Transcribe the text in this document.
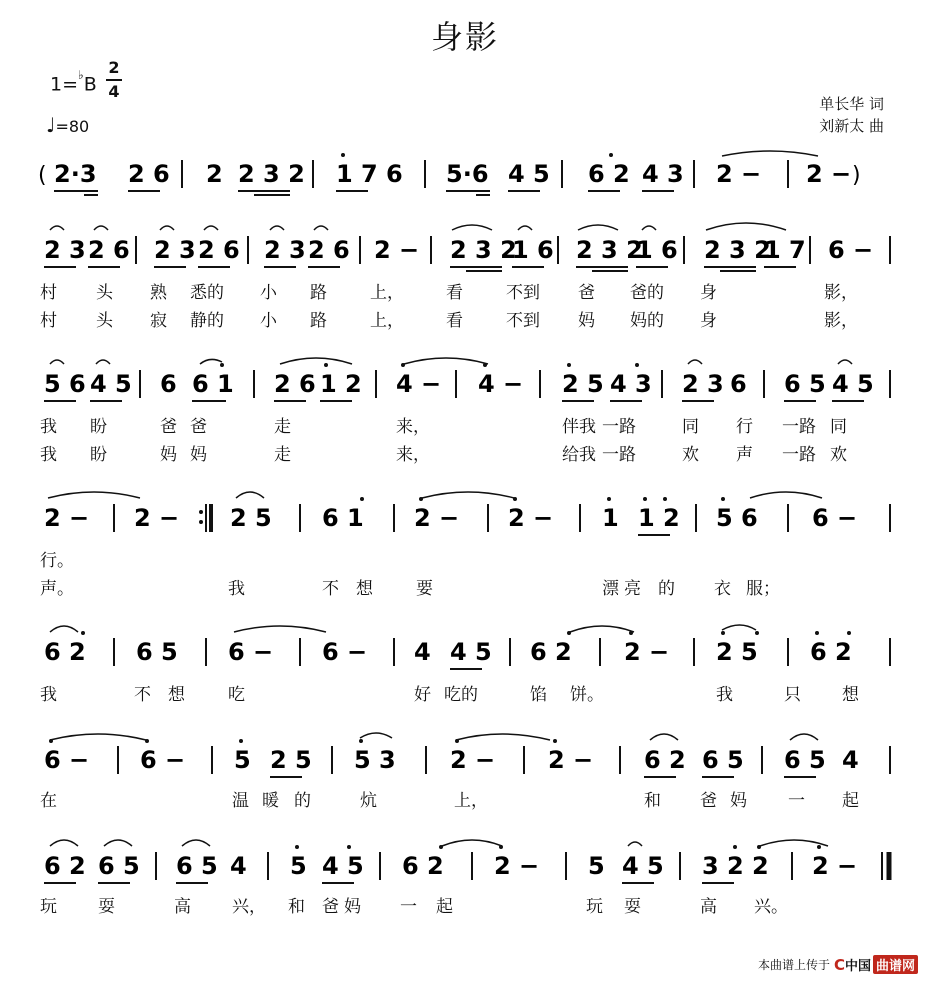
身影
1=♭B
2
4
♩=80
单长华 词
刘新太 曲
( 2·3 2 6 2 2 3 2 1 7 6 5·6 4 5 6 2 4 3 2 − 2 − )
2 3 2 6 2 3 2 6 2 3 2 6 2 − 2 3 2
1 6 2 3 2
1 6 2 3 2
1 7 6 −
村 头 熟 悉的 小 路	上， 看	不到 爸 爸的 身	影，
村 头 寂 静的 小 路	上， 看	不到 妈 妈的 身	影，
5 6 4 5 6 6 1 2 6 1 2 4 − 4 − 2 5 4 3 2 3 6 6 5 4 5
我 盼	爸 爸	走	来，	伴我 一路	同 行 一路 同
我 盼	妈 妈	走	来，	给我 一路	欢 声 一路 欢
2 − 2 − 2 5 6 1 2 − 2 − 1 1 2 5 6 6 −
行。
声。	我	不 想	要	漂 亮 的 衣 服；
6 2 6 5 6 − 6 − 4 4 5 6 2 2 − 2 5 6 2
我	不 想	吃	好 吃的	馅 饼。	我	只 想
6 − 6 − 5 2 5 5 3 2 − 2 − 6 2 6 5 6 5 4
在	温 暖 的	炕	上，	和 爸 妈 一 起
6 2 6 5 6 5 4 5 4 5 6 2 2 − 5 4 5 3 2 2 2 −
玩 耍	高 兴， 和 爸 妈 一 起	玩 耍	高 兴。
本曲谱上传于 C 中国 曲谱网
